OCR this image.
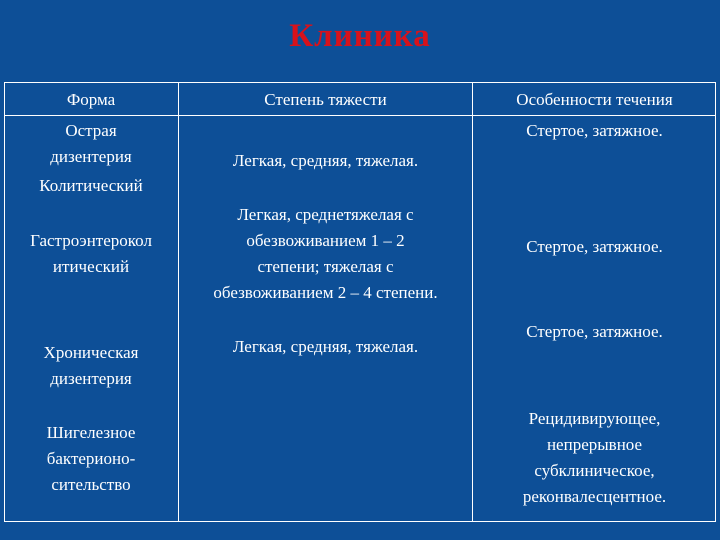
Клиника
Форма	Степень тяжести	Особенности течения
Острая
дизентерия
Колитический
Легкая, средняя, тяжелая.
Стертое, затяжное.
Гастроэнтерокол
итический
Легкая, среднетяжелая с
обезвоживанием 1 – 2
степени; тяжелая с
обезвоживанием 2 – 4 степени.
Стертое, затяжное.
Хроническая
дизентерия
Легкая, средняя, тяжелая.
Стертое, затяжное.
Шигелезное
бактерионо-
сительство
Рецидивирующее,
непрерывное
субклиническое,
реконвалесцентное.
